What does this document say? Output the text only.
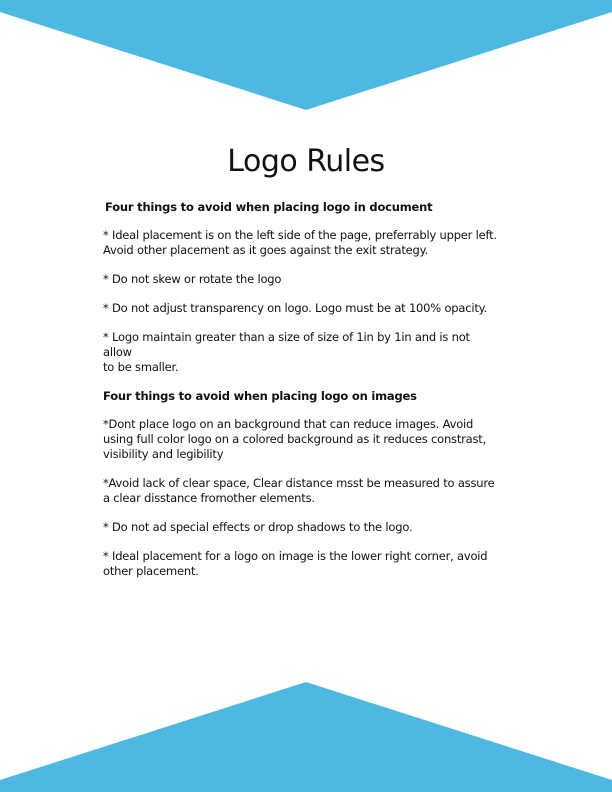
Logo Rules

Four things to avoid when placing logo in document

* Ideal placement is on the left side of the page, preferrably upper left.
Avoid other placement as it goes against the exit strategy.

* Do not skew or rotate the logo

* Do not adjust transparency on logo. Logo must be at 100% opacity.

* Logo maintain greater than a size of size of 1in by 1in and is not allow
to be smaller.

Four things to avoid when placing logo on images

*Dont place logo on an background that can reduce images. Avoid
using full color logo on a colored background as it reduces constrast,
visibility and legibility

*Avoid lack of clear space, Clear distance msst be measured to assure
a clear disstance fromother elements.

* Do not ad special effects or drop shadows to the logo.

* Ideal placement for a logo on image is the lower right corner, avoid
other placement.
